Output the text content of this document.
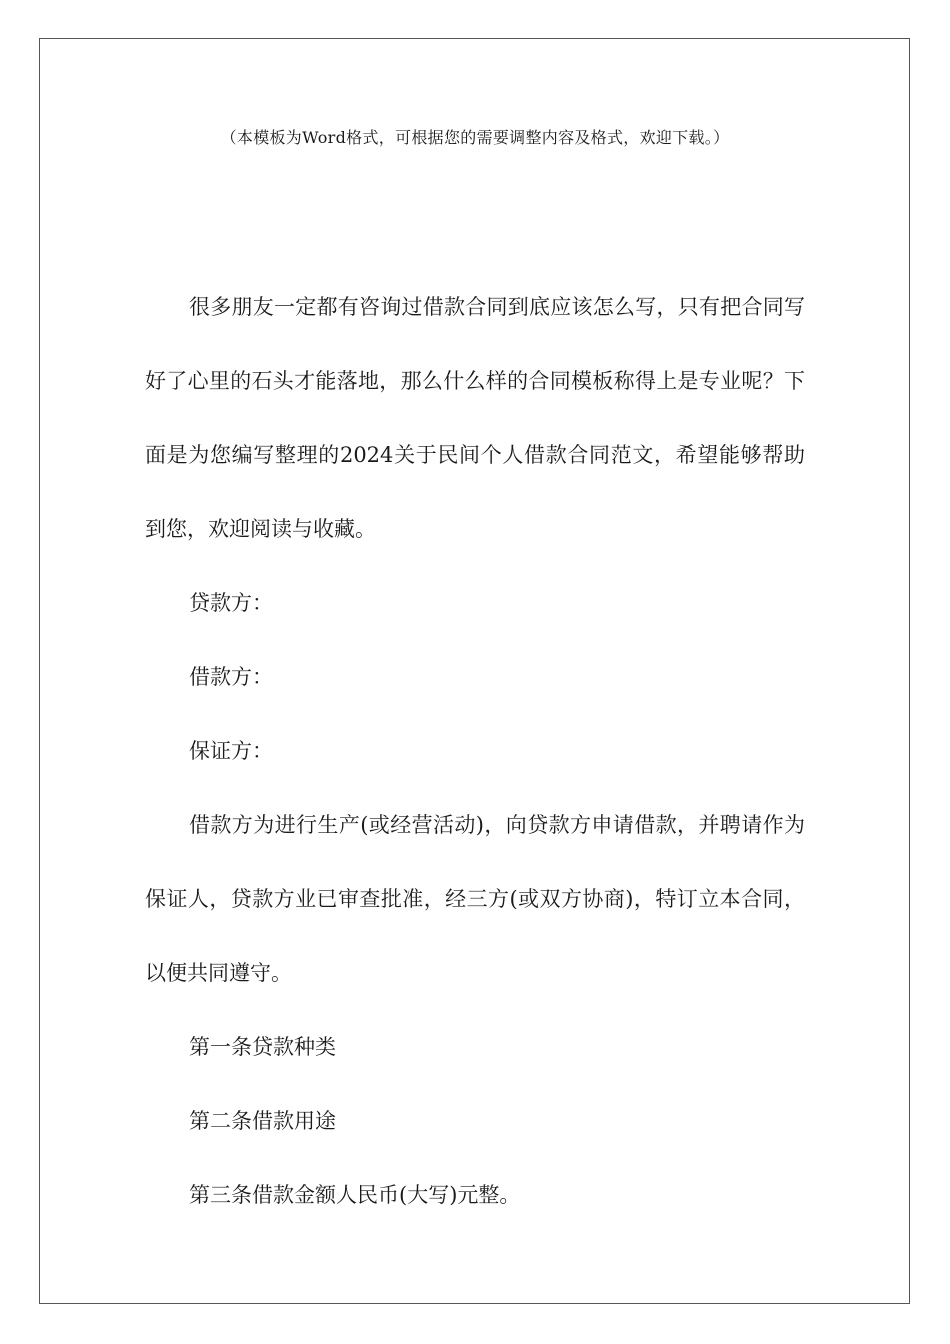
（本模板为Word格式，可根据您的需要调整内容及格式，欢迎下载。）

很多朋友一定都有咨询过借款合同到底应该怎么写，只有把合同写好了心里的石头才能落地，那么什么样的合同模板称得上是专业呢？下面是为您编写整理的2024关于民间个人借款合同范文，希望能够帮助到您，欢迎阅读与收藏。

贷款方：

借款方：

保证方：

借款方为进行生产(或经营活动)，向贷款方申请借款，并聘请作为保证人，贷款方业已审查批准，经三方(或双方协商)，特订立本合同，以便共同遵守。

第一条贷款种类

第二条借款用途

第三条借款金额人民币(大写)元整。
